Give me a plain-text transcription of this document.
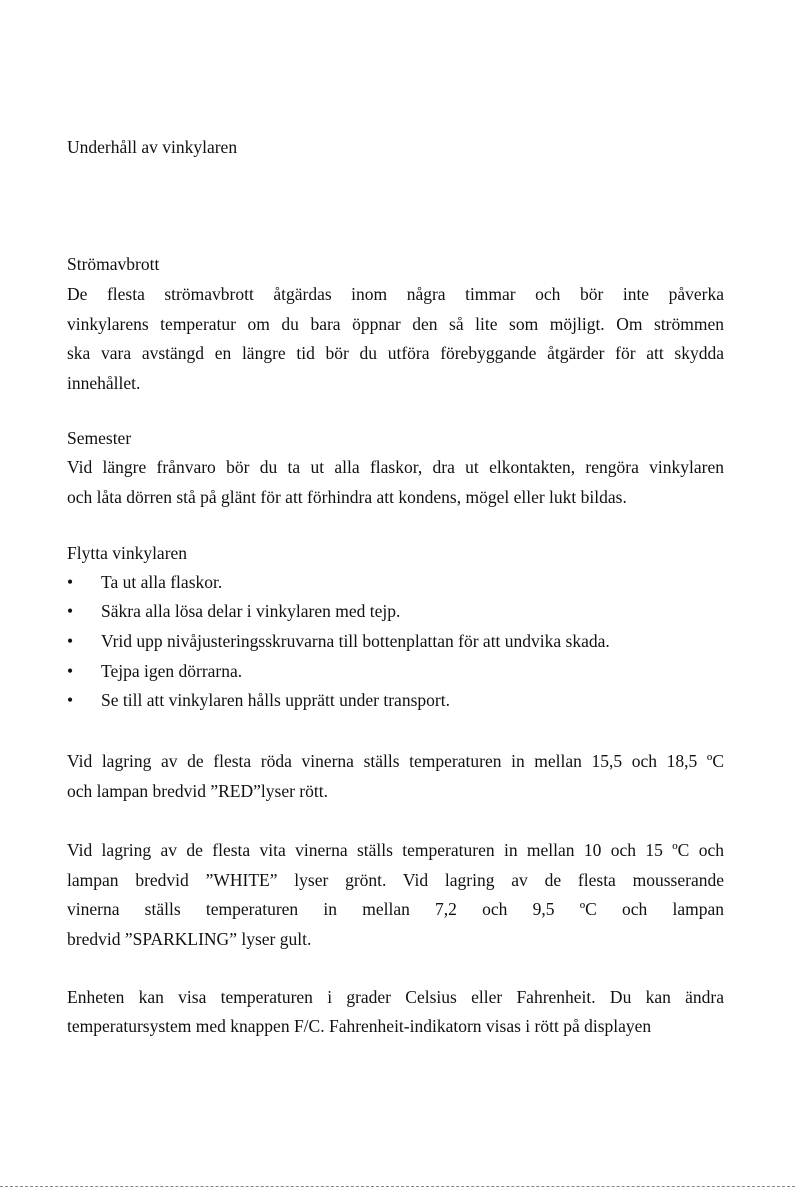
Underhåll av vinkylaren
Strömavbrott
De flesta strömavbrott åtgärdas inom några timmar och bör inte påverka
vinkylarens temperatur om du bara öppnar den så lite som möjligt. Om strömmen
ska vara avstängd en längre tid bör du utföra förebyggande åtgärder för att skydda
innehållet.
Semester
Vid längre frånvaro bör du ta ut alla flaskor, dra ut elkontakten, rengöra vinkylaren
och låta dörren stå på glänt för att förhindra att kondens, mögel eller lukt bildas.
Flytta vinkylaren
•	Ta ut alla flaskor.
•	Säkra alla lösa delar i vinkylaren med tejp.
•	Vrid upp nivåjusteringsskruvarna till bottenplattan för att undvika skada.
•	Tejpa igen dörrarna.
•	Se till att vinkylaren hålls upprätt under transport.
Vid lagring av de flesta röda vinerna ställs temperaturen in mellan 15,5 och 18,5 ºC
och lampan bredvid ”RED”lyser rött.
Vid lagring av de flesta vita vinerna ställs temperaturen in mellan 10 och 15 ºC och
lampan bredvid ”WHITE” lyser grönt. Vid lagring av de flesta mousserande
vinerna ställs temperaturen in mellan 7,2 och 9,5 ºC och lampan
bredvid ”SPARKLING” lyser gult.
Enheten kan visa temperaturen i grader Celsius eller Fahrenheit. Du kan ändra
temperatursystem med knappen F/C. Fahrenheit-indikatorn visas i rött på displayen
